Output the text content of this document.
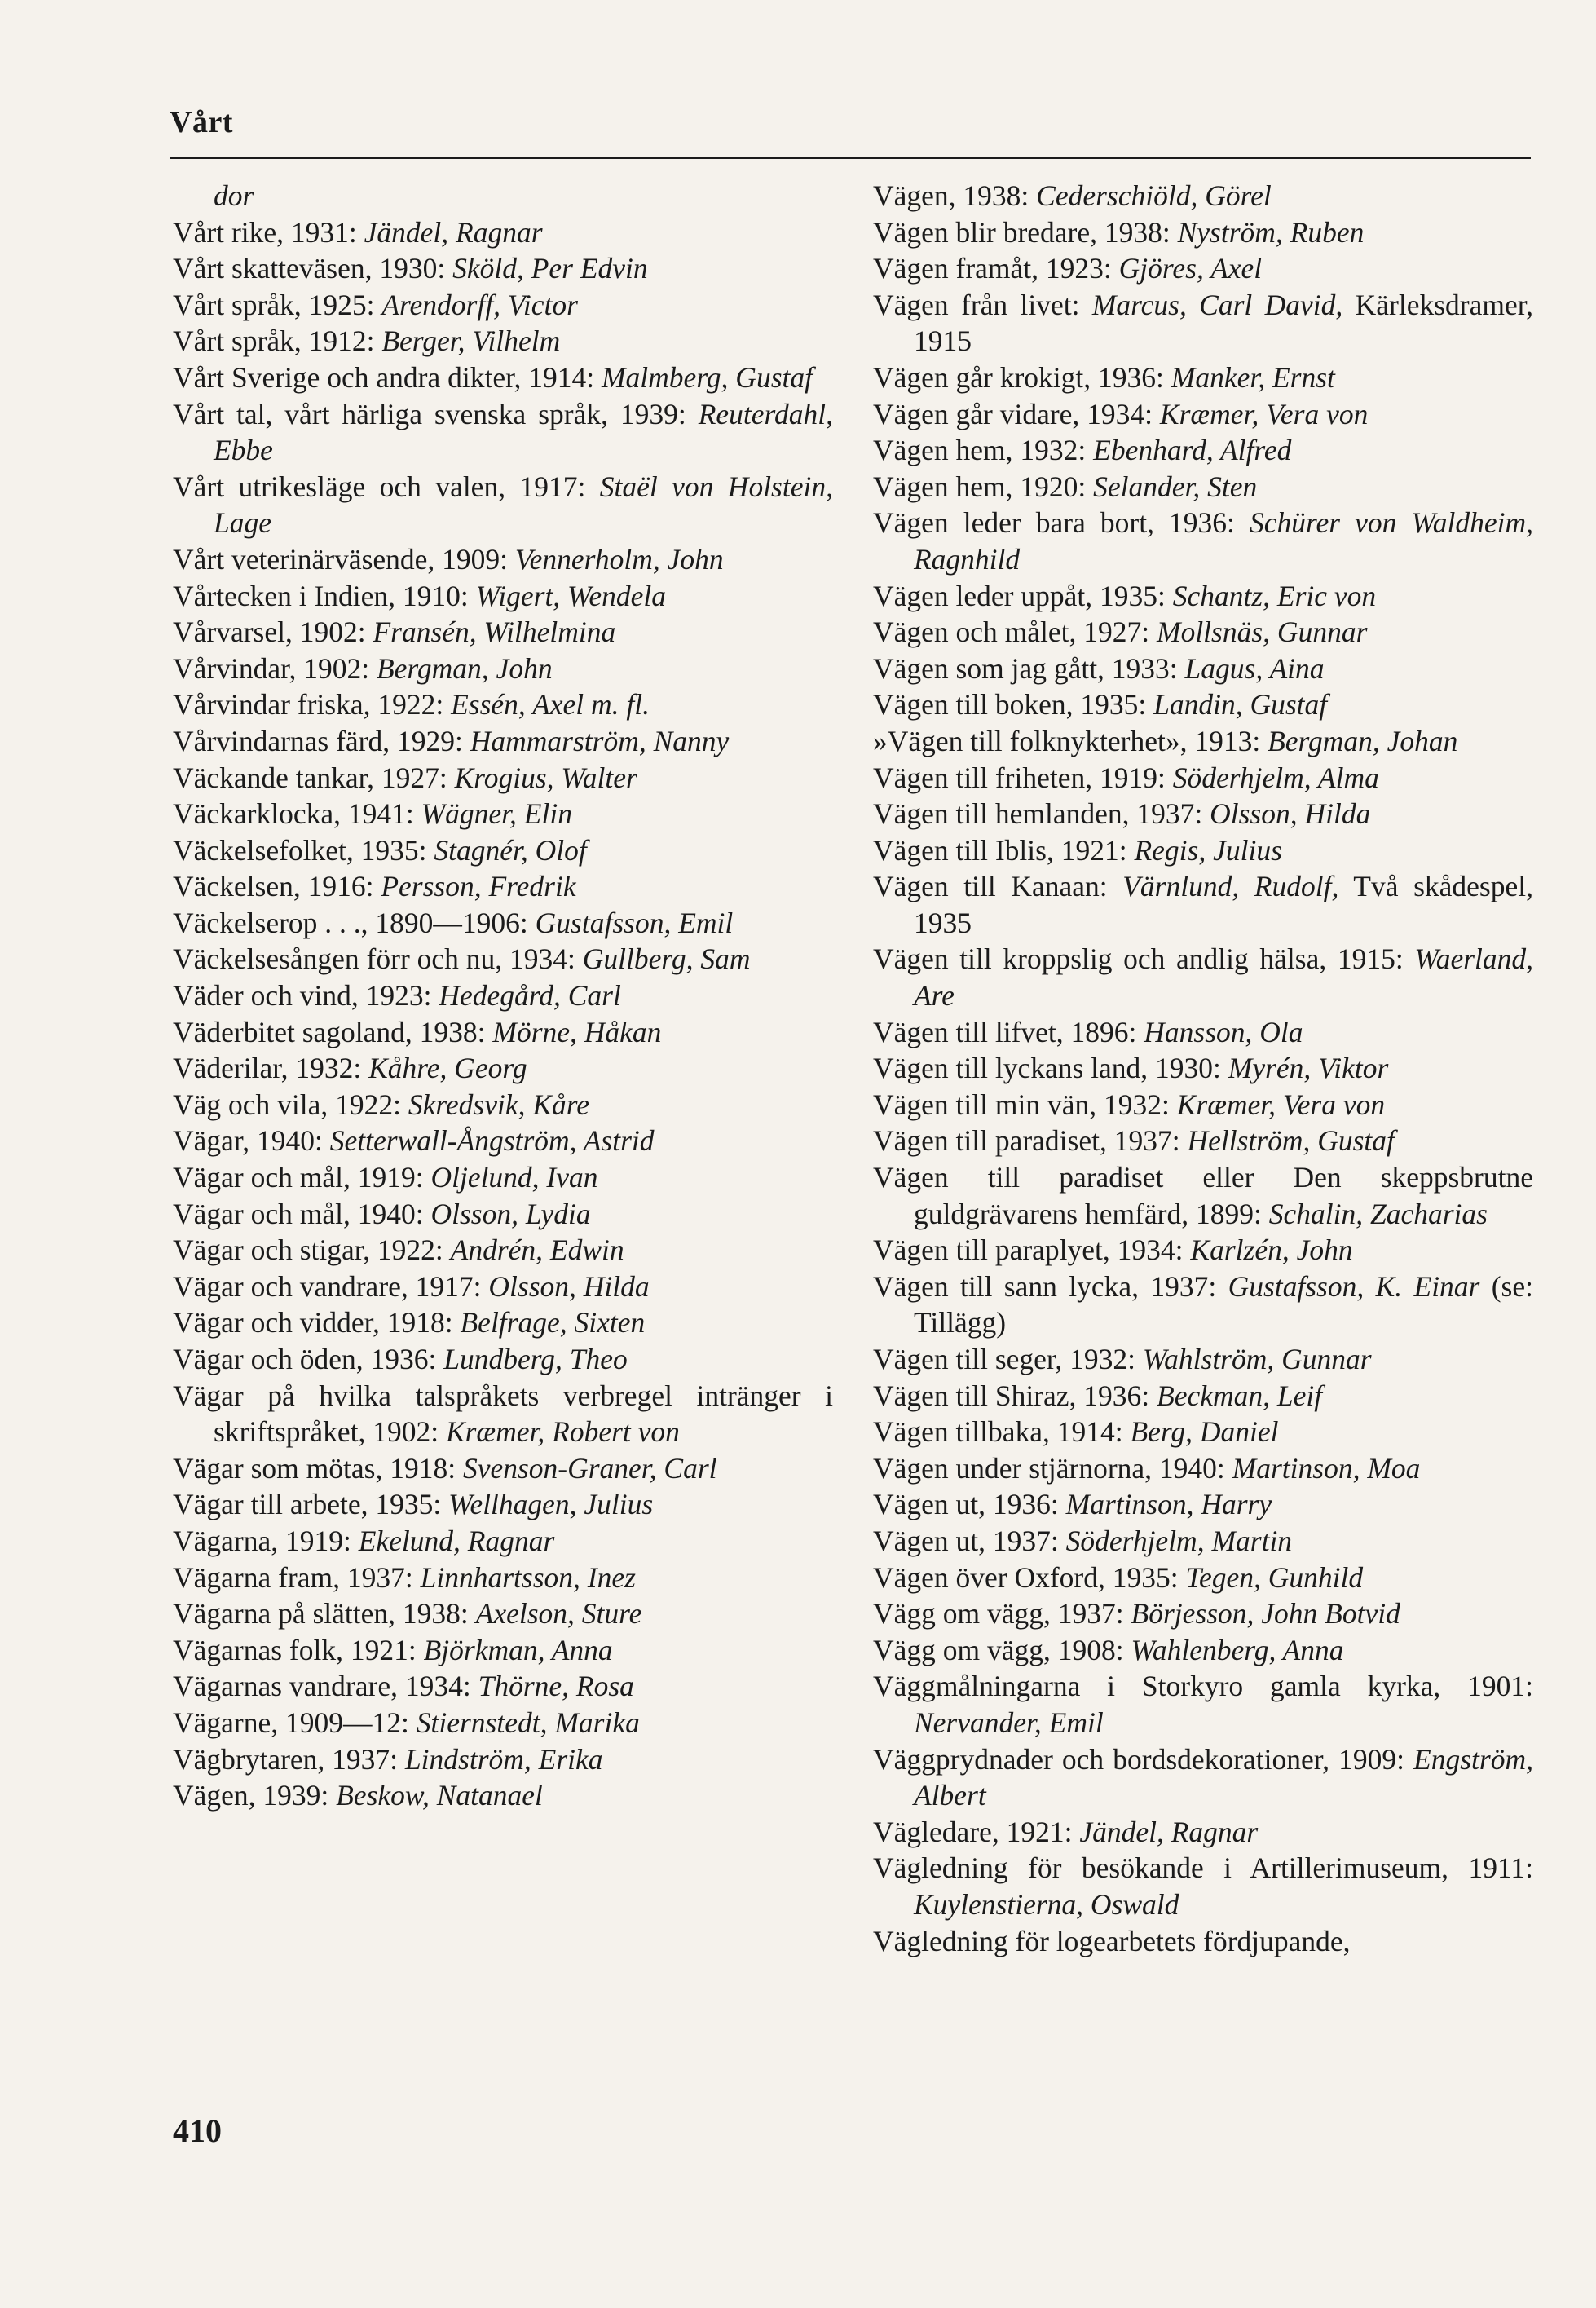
Vårt
dor
Vårt rike, 1931: Jändel, Ragnar
Vårt skatteväsen, 1930: Sköld, Per Edvin
Vårt språk, 1925: Arendorff, Victor
Vårt språk, 1912: Berger, Vilhelm
Vårt Sverige och andra dikter, 1914: Malmberg, Gustaf
Vårt tal, vårt härliga svenska språk, 1939: Reuterdahl, Ebbe
Vårt utrikesläge och valen, 1917: Staël von Holstein, Lage
Vårt veterinärväsende, 1909: Vennerholm, John
Vårtecken i Indien, 1910: Wigert, Wendela
Vårvarsel, 1902: Fransén, Wilhelmina
Vårvindar, 1902: Bergman, John
Vårvindar friska, 1922: Essén, Axel m. fl.
Vårvindarnas färd, 1929: Hammarström, Nanny
Väckande tankar, 1927: Krogius, Walter
Väckarklocka, 1941: Wägner, Elin
Väckelsefolket, 1935: Stagnér, Olof
Väckelsen, 1916: Persson, Fredrik
Väckelserop . . ., 1890—1906: Gustafsson, Emil
Väckelsesången förr och nu, 1934: Gullberg, Sam
Väder och vind, 1923: Hedegård, Carl
Väderbitet sagoland, 1938: Mörne, Håkan
Väderilar, 1932: Kåhre, Georg
Väg och vila, 1922: Skredsvik, Kåre
Vägar, 1940: Setterwall-Ångström, Astrid
Vägar och mål, 1919: Oljelund, Ivan
Vägar och mål, 1940: Olsson, Lydia
Vägar och stigar, 1922: Andrén, Edwin
Vägar och vandrare, 1917: Olsson, Hilda
Vägar och vidder, 1918: Belfrage, Sixten
Vägar och öden, 1936: Lundberg, Theo
Vägar på hvilka talspråkets verbregel intränger i skriftspråket, 1902: Kræmer, Robert von
Vägar som mötas, 1918: Svenson-Graner, Carl
Vägar till arbete, 1935: Wellhagen, Julius
Vägarna, 1919: Ekelund, Ragnar
Vägarna fram, 1937: Linnhartsson, Inez
Vägarna på slätten, 1938: Axelson, Sture
Vägarnas folk, 1921: Björkman, Anna
Vägarnas vandrare, 1934: Thörne, Rosa
Vägarne, 1909—12: Stiernstedt, Marika
Vägbrytaren, 1937: Lindström, Erika
Vägen, 1939: Beskow, Natanael
Vägen, 1938: Cederschiöld, Görel
Vägen blir bredare, 1938: Nyström, Ruben
Vägen framåt, 1923: Gjöres, Axel
Vägen från livet: Marcus, Carl David, Kärleksdramer, 1915
Vägen går krokigt, 1936: Manker, Ernst
Vägen går vidare, 1934: Kræmer, Vera von
Vägen hem, 1932: Ebenhard, Alfred
Vägen hem, 1920: Selander, Sten
Vägen leder bara bort, 1936: Schürer von Waldheim, Ragnhild
Vägen leder uppåt, 1935: Schantz, Eric von
Vägen och målet, 1927: Mollsnäs, Gunnar
Vägen som jag gått, 1933: Lagus, Aina
Vägen till boken, 1935: Landin, Gustaf
»Vägen till folknykterhet», 1913: Bergman, Johan
Vägen till friheten, 1919: Söderhjelm, Alma
Vägen till hemlanden, 1937: Olsson, Hilda
Vägen till Iblis, 1921: Regis, Julius
Vägen till Kanaan: Värnlund, Rudolf, Två skådespel, 1935
Vägen till kroppslig och andlig hälsa, 1915: Waerland, Are
Vägen till lifvet, 1896: Hansson, Ola
Vägen till lyckans land, 1930: Myrén, Viktor
Vägen till min vän, 1932: Kræmer, Vera von
Vägen till paradiset, 1937: Hellström, Gustaf
Vägen till paradiset eller Den skeppsbrutne guldgrävarens hemfärd, 1899: Schalin, Zacharias
Vägen till paraplyet, 1934: Karlzén, John
Vägen till sann lycka, 1937: Gustafsson, K. Einar (se: Tillägg)
Vägen till seger, 1932: Wahlström, Gunnar
Vägen till Shiraz, 1936: Beckman, Leif
Vägen tillbaka, 1914: Berg, Daniel
Vägen under stjärnorna, 1940: Martinson, Moa
Vägen ut, 1936: Martinson, Harry
Vägen ut, 1937: Söderhjelm, Martin
Vägen över Oxford, 1935: Tegen, Gunhild
Vägg om vägg, 1937: Börjesson, John Botvid
Vägg om vägg, 1908: Wahlenberg, Anna
Väggmålningarna i Storkyro gamla kyrka, 1901: Nervander, Emil
Väggprydnader och bordsdekorationer, 1909: Engström, Albert
Vägledare, 1921: Jändel, Ragnar
Vägledning för besökande i Artillerimuseum, 1911: Kuylenstierna, Oswald
Vägledning för logearbetets fördjupande,
410
